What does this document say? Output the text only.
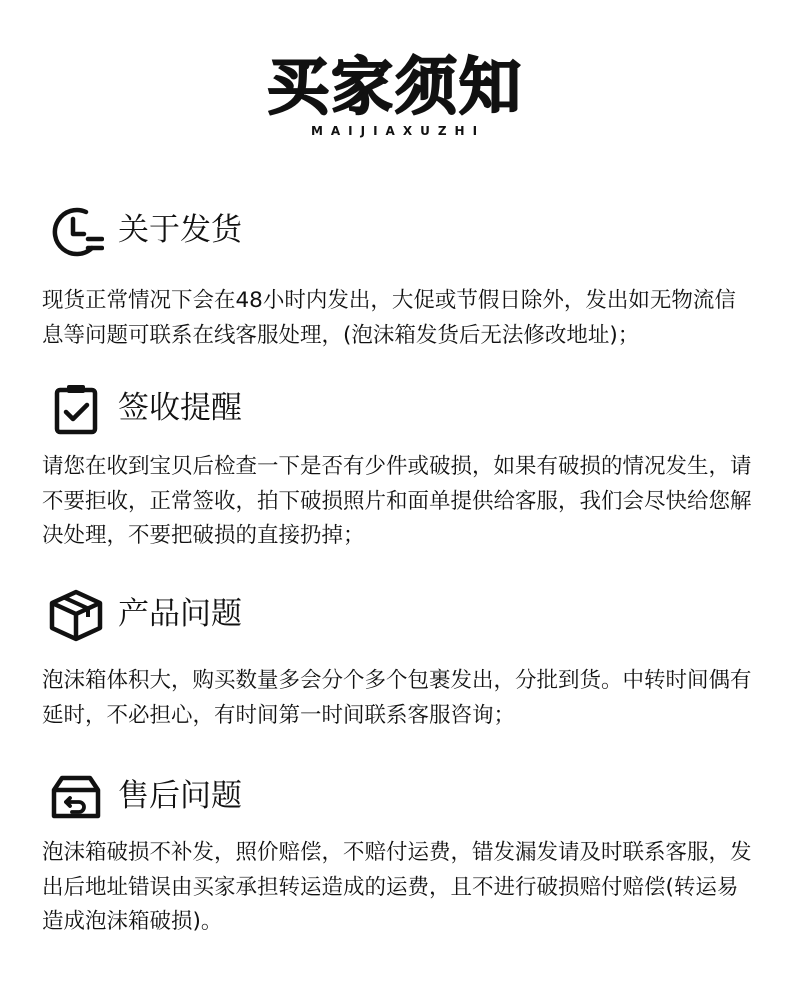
买家须知
MAIJIAXUZHI
关于发货
现货正常情况下会在48小时内发出，大促或节假日除外，发出如无物流信息等问题可联系在线客服处理，(泡沫箱发货后无法修改地址)；
签收提醒
请您在收到宝贝后检查一下是否有少件或破损，如果有破损的情况发生，请不要拒收，正常签收，拍下破损照片和面单提供给客服，我们会尽快给您解决处理，不要把破损的直接扔掉；
产品问题
泡沫箱体积大，购买数量多会分个多个包裹发出，分批到货。中转时间偶有延时，不必担心，有时间第一时间联系客服咨询；
售后问题
泡沫箱破损不补发，照价赔偿，不赔付运费，错发漏发请及时联系客服，发出后地址错误由买家承担转运造成的运费，且不进行破损赔付赔偿(转运易造成泡沫箱破损)。
